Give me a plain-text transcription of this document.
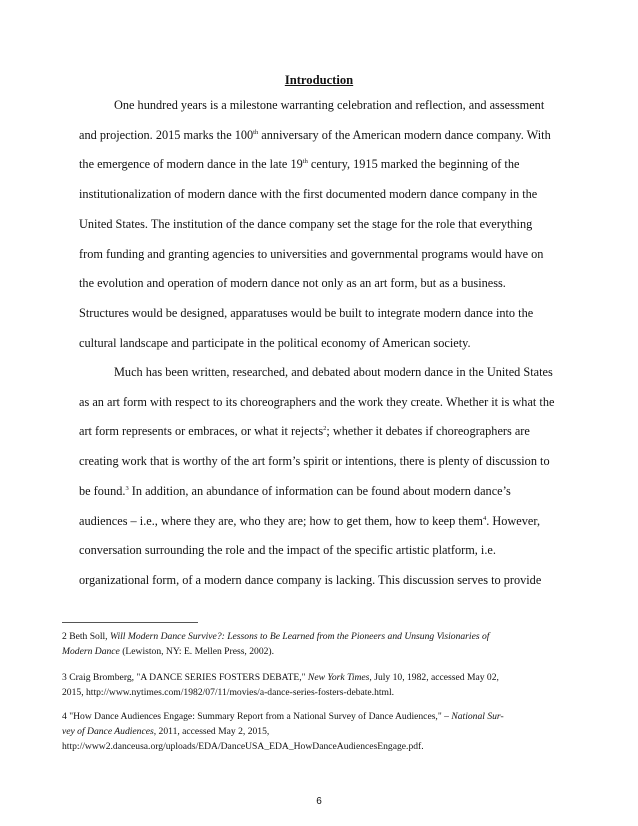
Introduction

One hundred years is a milestone warranting celebration and reflection, and assessment
and projection. 2015 marks the 100th anniversary of the American modern dance company. With
the emergence of modern dance in the late 19th century, 1915 marked the beginning of the
institutionalization of modern dance with the first documented modern dance company in the
United States. The institution of the dance company set the stage for the role that everything
from funding and granting agencies to universities and governmental programs would have on
the evolution and operation of modern dance not only as an art form, but as a business.
Structures would be designed, apparatuses would be built to integrate modern dance into the
cultural landscape and participate in the political economy of American society.

Much has been written, researched, and debated about modern dance in the United States
as an art form with respect to its choreographers and the work they create. Whether it is what the
art form represents or embraces, or what it rejects$^2$; whether it debates if choreographers are
creating work that is worthy of the art form’s spirit or intentions, there is plenty of discussion to
be found.$^3$ In addition, an abundance of information can be found about modern dance’s
audiences – i.e., where they are, who they are; how to get them, how to keep them$^4$. However,
conversation surrounding the role and the impact of the specific artistic platform, i.e.
organizational form, of a modern dance company is lacking. This discussion serves to provide

2 Beth Soll, Will Modern Dance Survive?: Lessons to Be Learned from the Pioneers and Unsung Visionaries of
Modern Dance (Lewiston, NY: E. Mellen Press, 2002).

3 Craig Bromberg, "A DANCE SERIES FOSTERS DEBATE," New York Times, July 10, 1982, accessed May 02,
2015, http://www.nytimes.com/1982/07/11/movies/a-dance-series-fosters-debate.html.

4 "How Dance Audiences Engage: Summary Report from a National Survey of Dance Audiences," – National Sur-
vey of Dance Audiences, 2011, accessed May 2, 2015,
http://www2.danceusa.org/uploads/EDA/DanceUSA_EDA_HowDanceAudiencesEngage.pdf.

6
